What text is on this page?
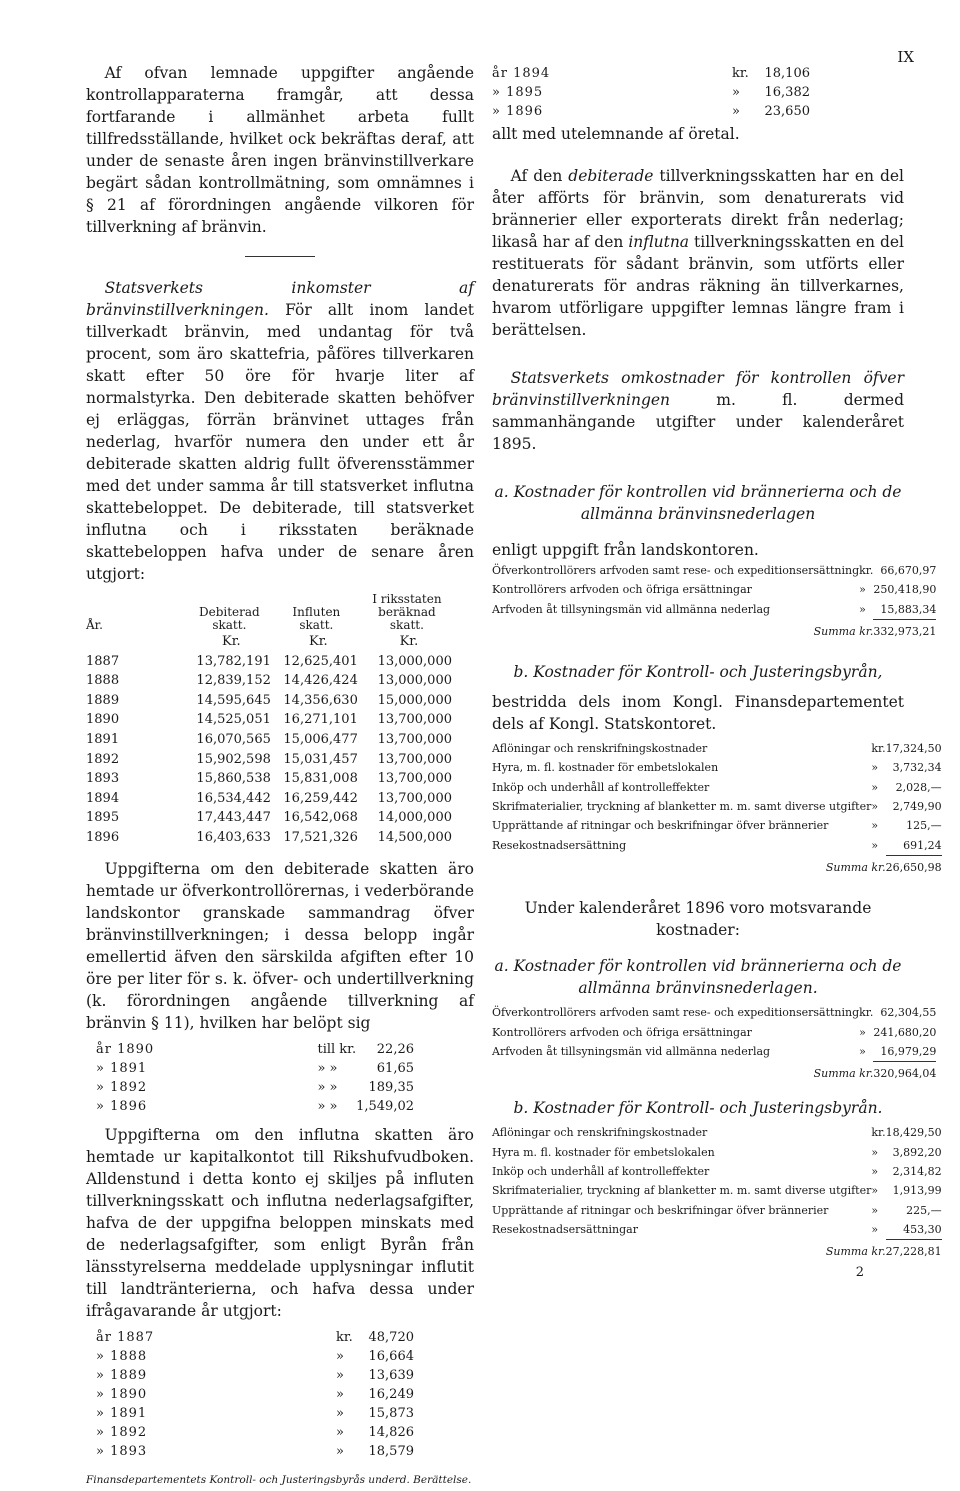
IX

Af ofvan lemnade uppgifter angående kontrollapparaterna framgår, att dessa fortfarande i allmänhet arbeta fullt tillfredsställande, hvilket ock bekräftas deraf, att under de senaste åren ingen bränvinstillverkare begärt sådan kontrollmätning, som omnämnes i § 21 af förordningen angående vilkoren för tillverkning af bränvin.

Statsverkets inkomster af bränvinstillverkningen. För allt inom landet tillverkadt bränvin, med undantag för två procent, som äro skattefria, påföres tillverkaren skatt efter 50 öre för hvarje liter af normalstyrka. Den debiterade skatten behöfver ej erläggas, förrän bränvinet uttages från nederlag, hvarför numera den under ett år debiterade skatten aldrig fullt öfverensstämmer med det under samma år till statsverket influtna skattebeloppet. De debiterade, till statsverket influtna och i riksstaten beräknade skattebeloppen hafva under de senare åren utgjort:

År.	Debiterad skatt.	Influten skatt.	I riksstaten beräknad skatt.
	Kr.	Kr.	Kr.
1887	13,782,191	12,625,401	13,000,000
1888	12,839,152	14,426,424	13,000,000
1889	14,595,645	14,356,630	15,000,000
1890	14,525,051	16,271,101	13,700,000
1891	16,070,565	15,006,477	13,700,000
1892	15,902,598	15,031,457	13,700,000
1893	15,860,538	15,831,008	13,700,000
1894	16,534,442	16,259,442	13,700,000
1895	17,443,447	16,542,068	14,000,000
1896	16,403,633	17,521,326	14,500,000

Uppgifterna om den debiterade skatten äro hemtade ur öfverkontrollörernas, i vederbörande landskontor granskade sammandrag öfver bränvinstillverkningen; i dessa belopp ingår emellertid äfven den särskilda afgiften efter 10 öre per liter för s. k. öfver- och undertillverkning (k. förordningen angående tillverkning af bränvin § 11), hvilken har belöpt sig

år 1890	till kr.	22,26
» 1891	» »	61,65
» 1892	» »	189,35
» 1896	» »	1,549,02

Uppgifterna om den influtna skatten äro hemtade ur kapitalkontot till Rikshufvudboken. Alldenstund i detta konto ej skiljes på influten tillverkningsskatt och influtna nederlagsafgifter, hafva de der uppgifna beloppen minskats med de nederlagsafgifter, som enligt Byrån från länsstyrelserna meddelade upplysningar influtit till landtränterierna, och hafva dessa under ifrågavarande år utgjort:

år 1887	kr.	48,720
» 1888	»	16,664
» 1889	»	13,639
» 1890	»	16,249
» 1891	»	15,873
» 1892	»	14,826
» 1893	»	18,579
Finansdepartementets Kontroll- och Justeringsbyrås underd. Berättelse.
år 1894	kr.	18,106
» 1895	»	16,382
» 1896	»	23,650

allt med utelemnande af öretal.

Af den debiterade tillverkningsskatten har en del åter afförts för bränvin, som denaturerats vid brännerier eller exporterats direkt från nederlag; likaså har af den influtna tillverkningsskatten en del restituerats för sådant bränvin, som utförts eller denaturerats för andras räkning än tillverkarnes, hvarom utförligare uppgifter lemnas längre fram i berättelsen.

Statsverkets omkostnader för kontrollen öfver bränvinstillverkningen m. fl. dermed sammanhängande utgifter under kalenderåret 1895.

a. Kostnader för kontrollen vid brännerierna och de allmänna bränvinsnederlagen

enligt uppgift från landskontoren.

Öfverkontrollörers arfvoden samt rese- och expeditionsersättning	kr.	66,670,97
Kontrollörers arfvoden och öfriga ersättningar	»	250,418,90
Arfvoden åt tillsyningsmän vid allmänna nederlag	»	15,883,34
Summa kr.		332,973,21

b. Kostnader för Kontroll- och Justeringsbyrån,

bestridda dels inom Kongl. Finansdepartementet dels af Kongl. Statskontoret.

Aflöningar och renskrifningskostnader	kr.	17,324,50
Hyra, m. fl. kostnader för embetslokalen	»	3,732,34
Inköp och underhåll af kontrolleffekter	»	2,028,—
Skrifmaterialier, tryckning af blanketter m. m. samt diverse utgifter	»	2,749,90
Upprättande af ritningar och beskrifningar öfver brännerier	»	125,—
Resekostnadsersättning	»	691,24
Summa kr.		26,650,98

Under kalenderåret 1896 voro motsvarande kostnader:

a. Kostnader för kontrollen vid brännerierna och de allmänna bränvinsnederlagen.

Öfverkontrollörers arfvoden samt rese- och expeditionsersättning	kr.	62,304,55
Kontrollörers arfvoden och öfriga ersättningar	»	241,680,20
Arfvoden åt tillsyningsmän vid allmänna nederlag	»	16,979,29
Summa kr.		320,964,04

b. Kostnader för Kontroll- och Justeringsbyrån.

Aflöningar och renskrifningskostnader	kr.	18,429,50
Hyra m. fl. kostnader för embetslokalen	»	3,892,20
Inköp och underhåll af kontrolleffekter	»	2,314,82
Skrifmaterialier, tryckning af blanketter m. m. samt diverse utgifter	»	1,913,99
Upprättande af ritningar och beskrifningar öfver brännerier	»	225,—
Resekostnadsersättningar	»	453,30
Summa kr.		27,228,81
2
